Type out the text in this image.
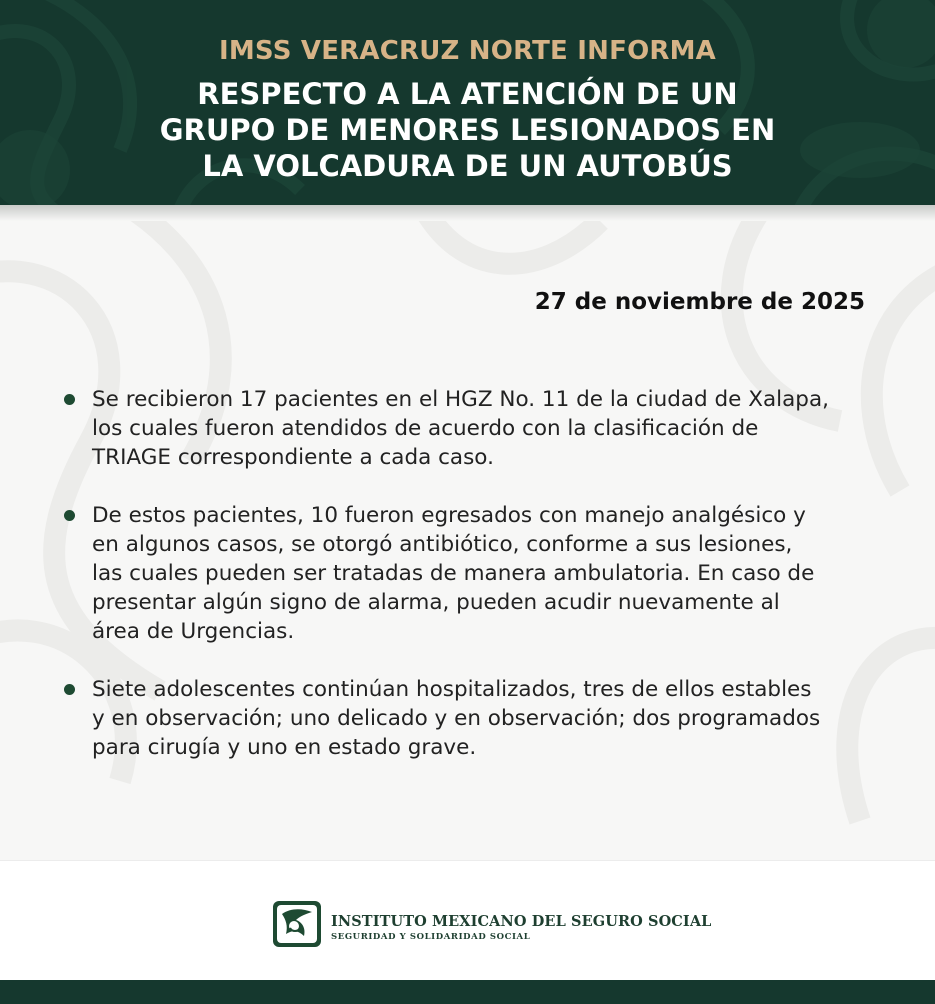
IMSS VERACRUZ NORTE INFORMA
RESPECTO A LA ATENCIÓN DE UN
GRUPO DE MENORES LESIONADOS EN
LA VOLCADURA DE UN AUTOBÚS
27 de noviembre de 2025
Se recibieron 17 pacientes en el HGZ No. 11 de la ciudad de Xalapa,
los cuales fueron atendidos de acuerdo con la clasificación de
TRIAGE correspondiente a cada caso.
De estos pacientes, 10 fueron egresados con manejo analgésico y
en algunos casos, se otorgó antibiótico, conforme a sus lesiones,
las cuales pueden ser tratadas de manera ambulatoria. En caso de
presentar algún signo de alarma, pueden acudir nuevamente al
área de Urgencias.
Siete adolescentes continúan hospitalizados, tres de ellos estables
y en observación; uno delicado y en observación; dos programados
para cirugía y uno en estado grave.
INSTITUTO MEXICANO DEL SEGURO SOCIAL
SEGURIDAD Y SOLIDARIDAD SOCIAL
